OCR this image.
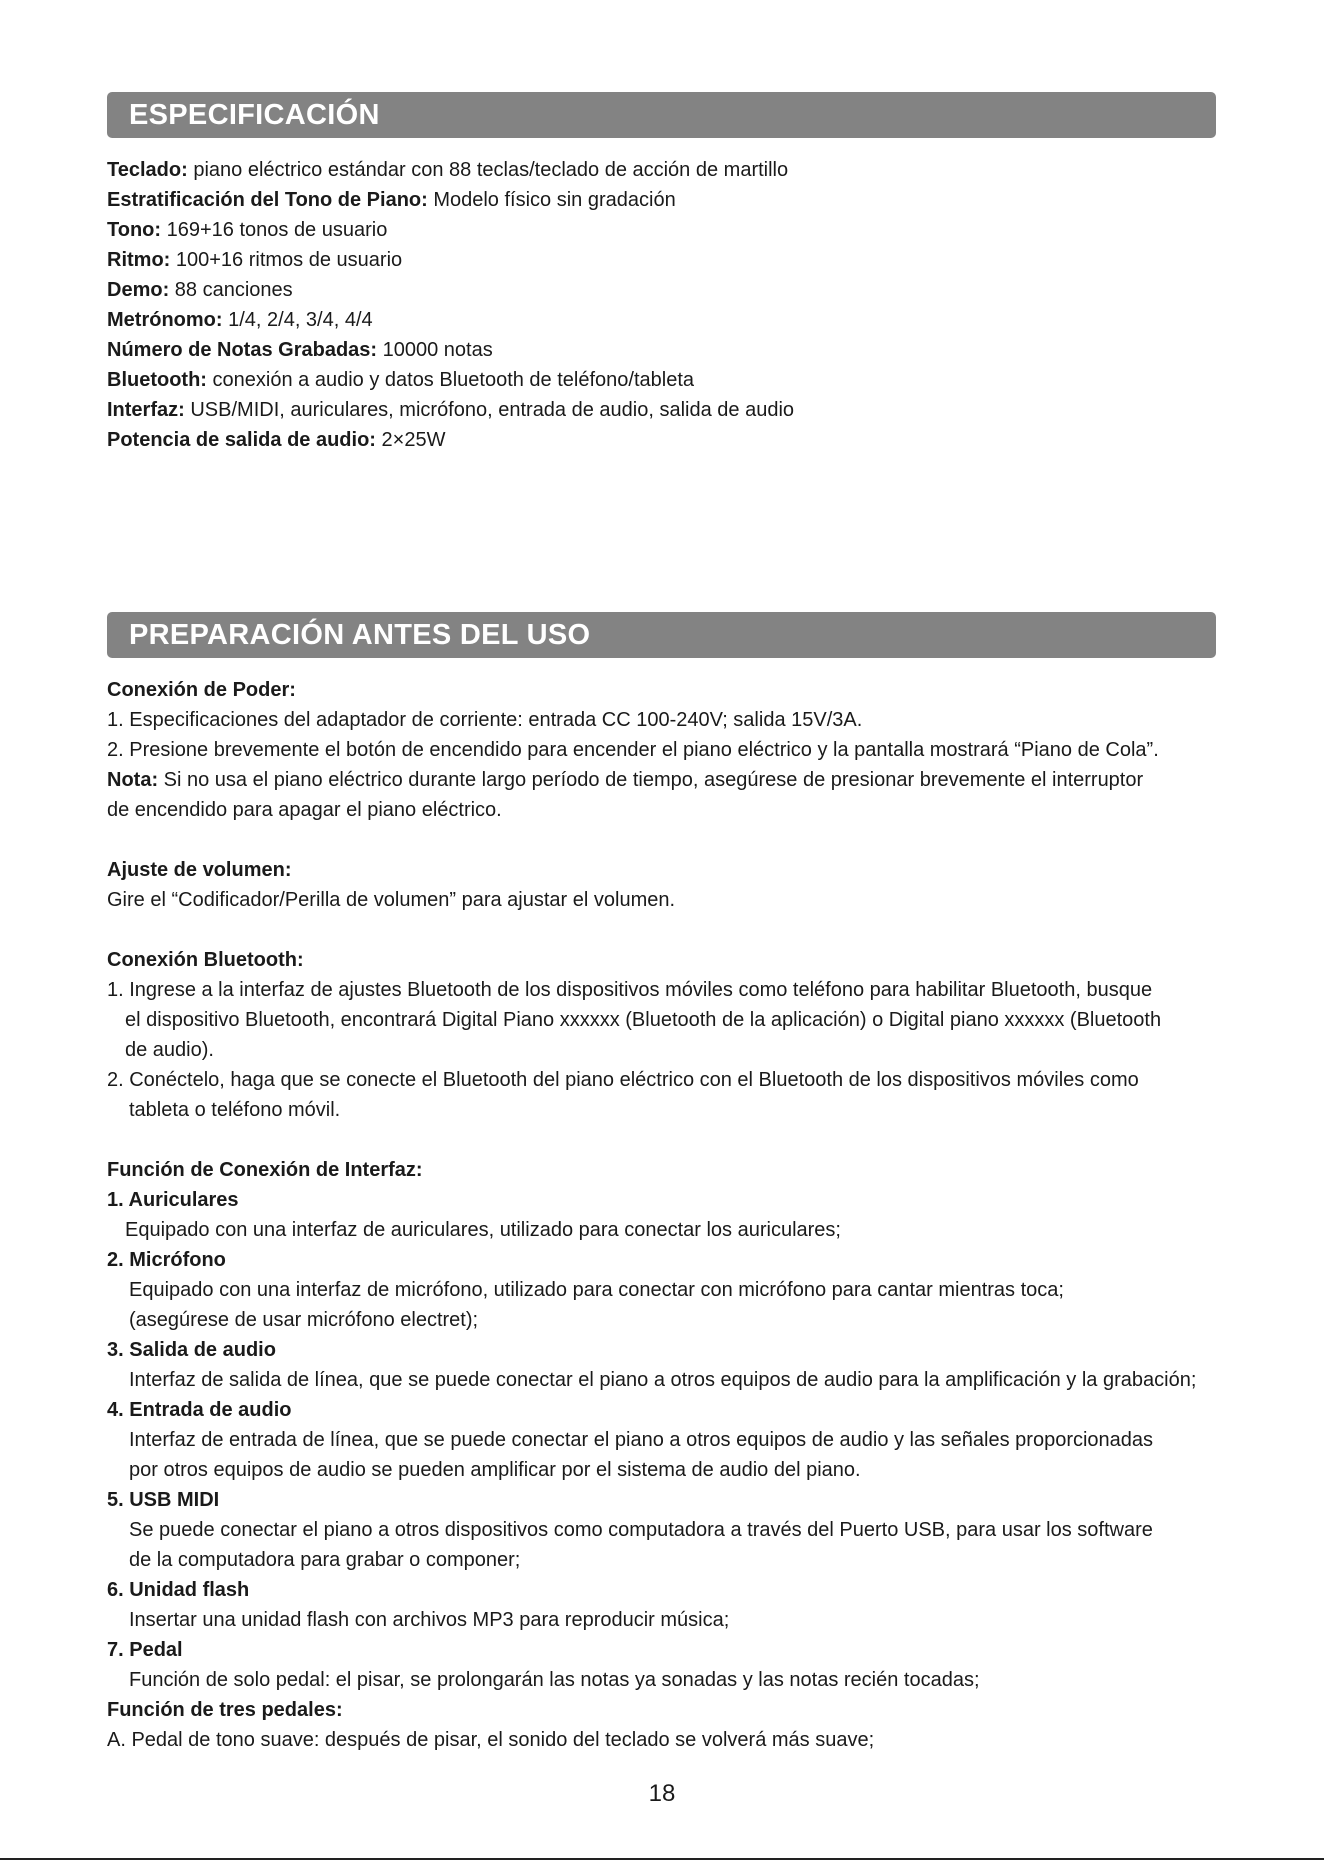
ESPECIFICACIÓN
Teclado: piano eléctrico estándar con 88 teclas/teclado de acción de martillo
Estratificación del Tono de Piano: Modelo físico sin gradación
Tono: 169+16 tonos de usuario
Ritmo: 100+16 ritmos de usuario
Demo: 88 canciones
Metrónomo: 1/4, 2/4, 3/4, 4/4
Número de Notas Grabadas: 10000 notas
Bluetooth: conexión a audio y datos Bluetooth de teléfono/tableta
Interfaz: USB/MIDI, auriculares, micrófono, entrada de audio, salida de audio
Potencia de salida de audio: 2×25W
PREPARACIÓN ANTES DEL USO
Conexión de Poder:
1. Especificaciones del adaptador de corriente: entrada CC 100-240V; salida 15V/3A.
2. Presione brevemente el botón de encendido para encender el piano eléctrico y la pantalla mostrará “Piano de Cola”.
Nota: Si no usa el piano eléctrico durante largo período de tiempo, asegúrese de presionar brevemente el interruptor
de encendido para apagar el piano eléctrico.
Ajuste de volumen:
Gire el “Codificador/Perilla de volumen” para ajustar el volumen.
Conexión Bluetooth:
1. Ingrese a la interfaz de ajustes Bluetooth de los dispositivos móviles como teléfono para habilitar Bluetooth, busque
el dispositivo Bluetooth, encontrará Digital Piano xxxxxx (Bluetooth de la aplicación) o Digital piano xxxxxx (Bluetooth
de audio).
2. Conéctelo, haga que se conecte el Bluetooth del piano eléctrico con el Bluetooth de los dispositivos móviles como
tableta o teléfono móvil.
Función de Conexión de Interfaz:
1. Auriculares
Equipado con una interfaz de auriculares, utilizado para conectar los auriculares;
2. Micrófono
Equipado con una interfaz de micrófono, utilizado para conectar con micrófono para cantar mientras toca;
(asegúrese de usar micrófono electret);
3. Salida de audio
Interfaz de salida de línea, que se puede conectar el piano a otros equipos de audio para la amplificación y la grabación;
4. Entrada de audio
Interfaz de entrada de línea, que se puede conectar el piano a otros equipos de audio y las señales proporcionadas
por otros equipos de audio se pueden amplificar por el sistema de audio del piano.
5. USB MIDI
Se puede conectar el piano a otros dispositivos como computadora a través del Puerto USB, para usar los software
de la computadora para grabar o componer;
6. Unidad flash
Insertar una unidad flash con archivos MP3 para reproducir música;
7. Pedal
Función de solo pedal: el pisar, se prolongarán las notas ya sonadas y las notas recién tocadas;
Función de tres pedales:
A. Pedal de tono suave: después de pisar, el sonido del teclado se volverá más suave;
18
